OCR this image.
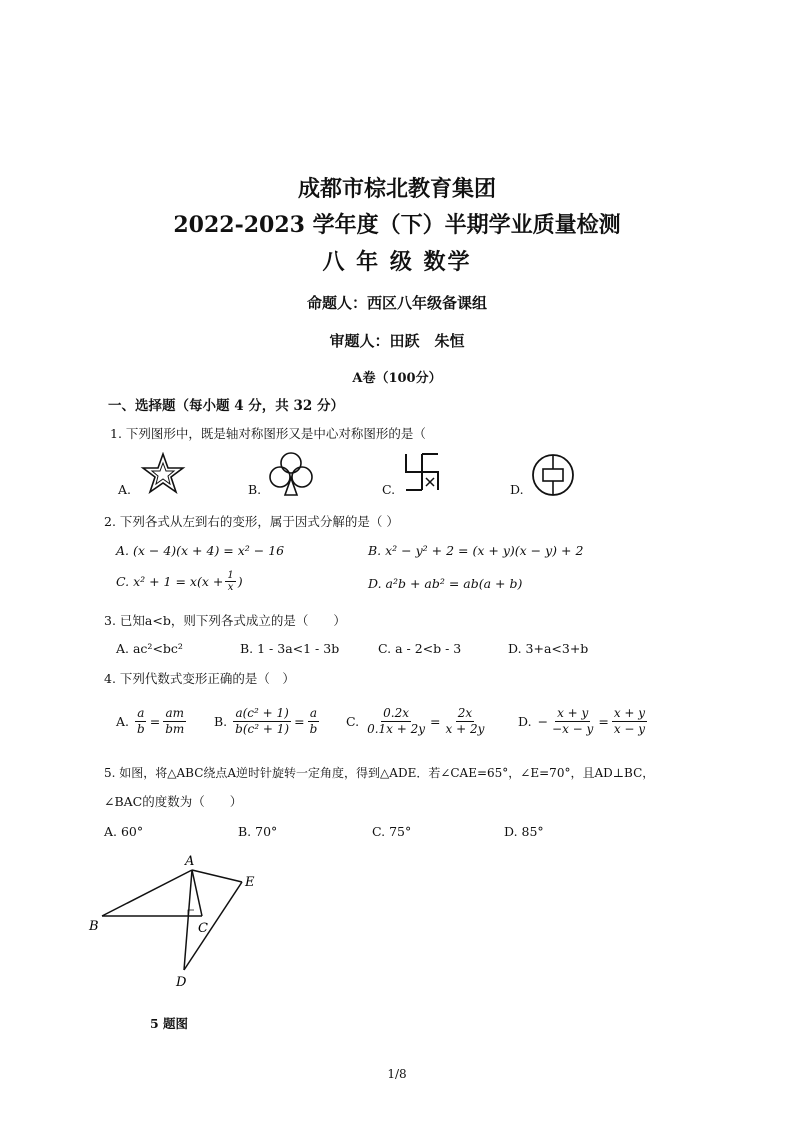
成都市棕北教育集团
2022-2023 学年度（下）半期学业质量检测
八 年 级 数学
命题人：西区八年级备课组
审题人：田跃　朱恒
A卷（100分）
一、选择题（每小题 4 分，共 32 分）
1. 下列图形中，既是轴对称图形又是中心对称图形的是（
A.	B.	C.	D.
2. 下列各式从左到右的变形，属于因式分解的是（ ）
A. (x − 4)(x + 4) = x² − 16	B. x² − y² + 2 = (x + y)(x − y) + 2
C. $x^2 + 1 = x(x + \frac{1}{x}$ )	D. a²b + ab² = ab(a + b)
3. 已知a<b，则下列各式成立的是（　　）
A. ac²<bc²	B. 1 - 3a<1 - 3b	C. a - 2<b - 3	D. 3+a<3+b
4. 下列代数式变形正确的是（　）
A. $\frac{a}{b} = \frac{am}{bm} B$. $\frac{\text{a(c² + 1)}}{\text{b(c² + 1)}} = \frac{a}{b} C$. $\frac{0.2x}{0.1x + 2y} = \frac{2x}{x + 2y}$	D. − $\frac{x + y}{-x - y} = \frac{x + y}{x - y}$
5. 如图，将△ABC绕点A逆时针旋转一定角度，得到△ADE．若∠CAE=65°，∠E=70°，且AD⊥BC，
∠BAC的度数为（　　）
A. 60°	B. 70°	C. 75°	D. 85°
A
B	C
D
E
5 题图
1/8
